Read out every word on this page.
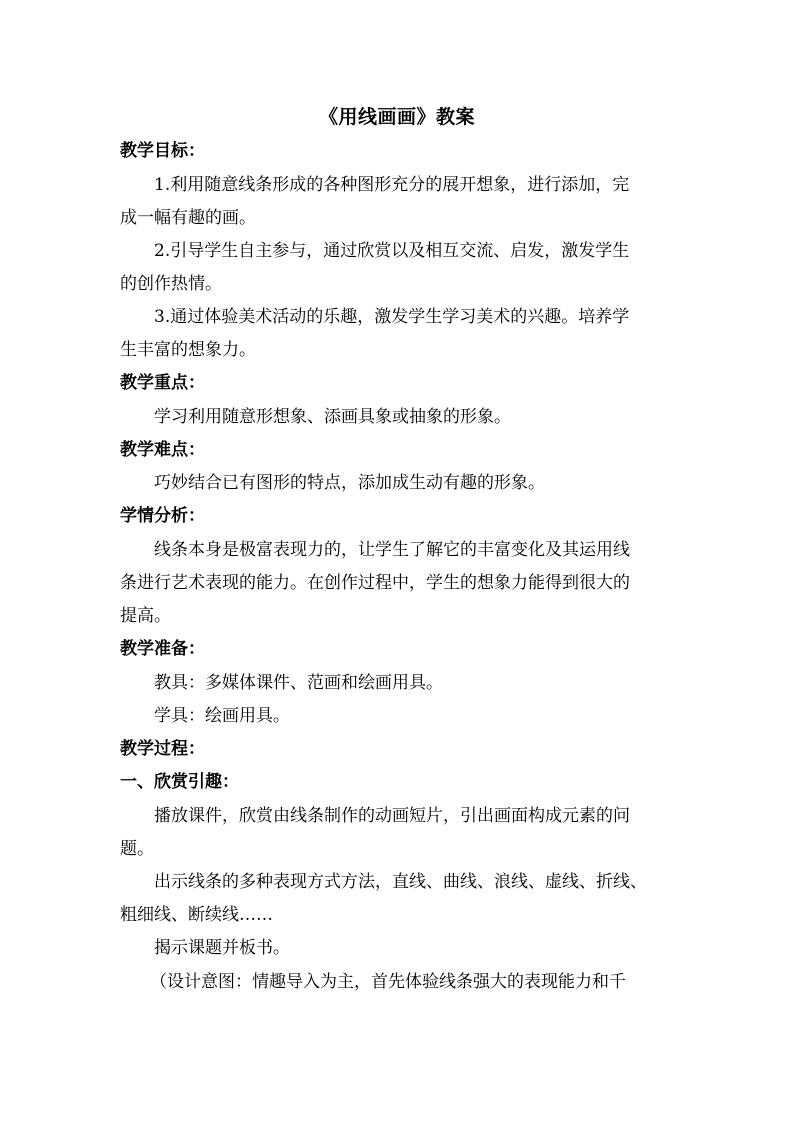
《用线画画》教案
教学目标：
1.利用随意线条形成的各种图形充分的展开想象，进行添加，完
成一幅有趣的画。
2.引导学生自主参与，通过欣赏以及相互交流、启发，激发学生
的创作热情。
3.通过体验美术活动的乐趣，激发学生学习美术的兴趣。培养学
生丰富的想象力。
教学重点：
学习利用随意形想象、添画具象或抽象的形象。
教学难点：
巧妙结合已有图形的特点，添加成生动有趣的形象。
学情分析：
线条本身是极富表现力的，让学生了解它的丰富变化及其运用线
条进行艺术表现的能力。在创作过程中，学生的想象力能得到很大的
提高。
教学准备：
教具：多媒体课件、范画和绘画用具。
学具：绘画用具。
教学过程：
一、欣赏引趣：
播放课件，欣赏由线条制作的动画短片，引出画面构成元素的问
题。
出示线条的多种表现方式方法，直线、曲线、浪线、虚线、折线、
粗细线、断续线……
揭示课题并板书。
（设计意图：情趣导入为主，首先体验线条强大的表现能力和千
